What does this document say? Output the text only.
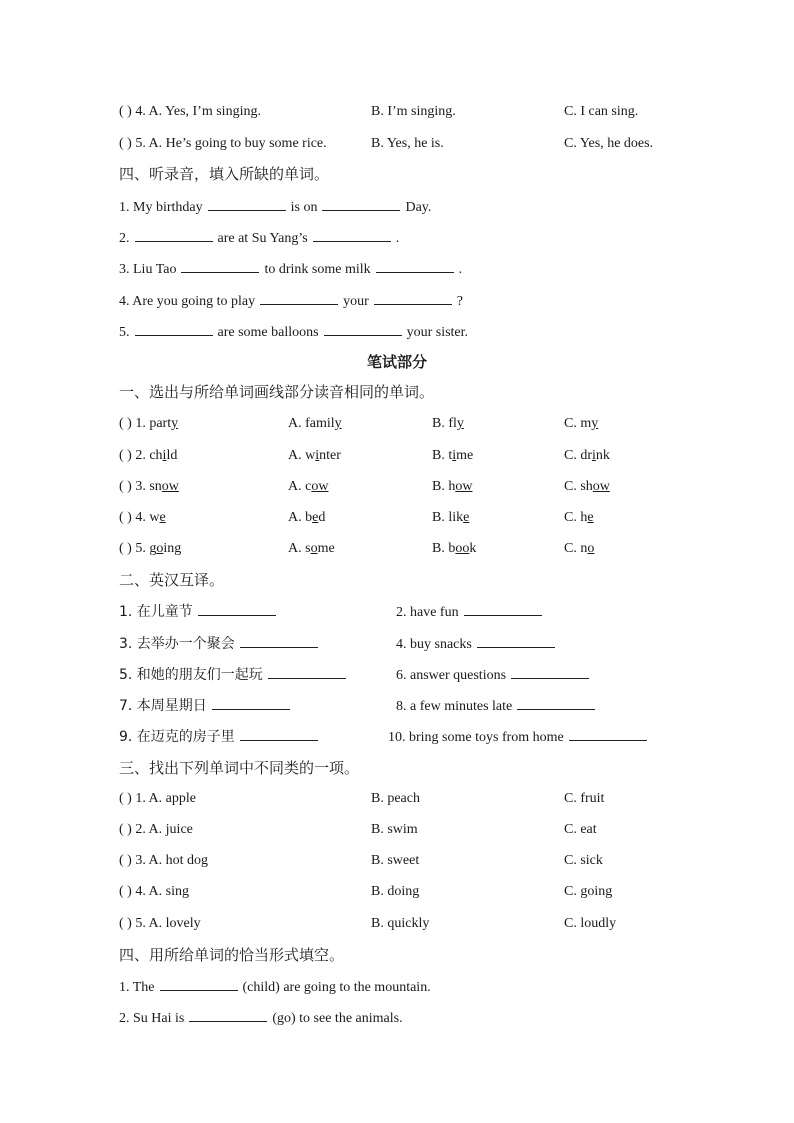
( ) 4. A. Yes, I’m singing.	B. I’m singing.	C. I can sing.
( ) 5. A. He’s going to buy some rice.	B. Yes, he is.	C. Yes, he does.
四、听录音，填入所缺的单词。
1. My birthday	is on	Day.
2.	are at Su Yang’s	.
3. Liu Tao	to drink some milk	.
4. Are you going to play	your	?
5.	are some balloons	your sister.
笔试部分
一、选出与所给单词画线部分读音相同的单词。
( ) 1. party	A. family	B. fly	C. my
( ) 2. child	A. winter	B. time	C. drink
( ) 3. snow	A. cow	B. how	C. show
( ) 4. we	A. bed	B. like	C. he
( ) 5. going	A. some	B. book	C. no
二、英汉互译。
1. 在儿童节	2. have fun
3. 去举办一个聚会	4. buy snacks
5. 和她的朋友们一起玩	6. answer questions
7. 本周星期日	8. a few minutes late
9. 在迈克的房子里	10. bring some toys from home
三、找出下列单词中不同类的一项。
( ) 1. A. apple	B. peach	C. fruit
( ) 2. A. juice	B. swim	C. eat
( ) 3. A. hot dog	B. sweet	C. sick
( ) 4. A. sing	B. doing	C. going
( ) 5. A. lovely	B. quickly	C. loudly
四、用所给单词的恰当形式填空。
1. The	(child) are going to the mountain.
2. Su Hai is	(go) to see the animals.
